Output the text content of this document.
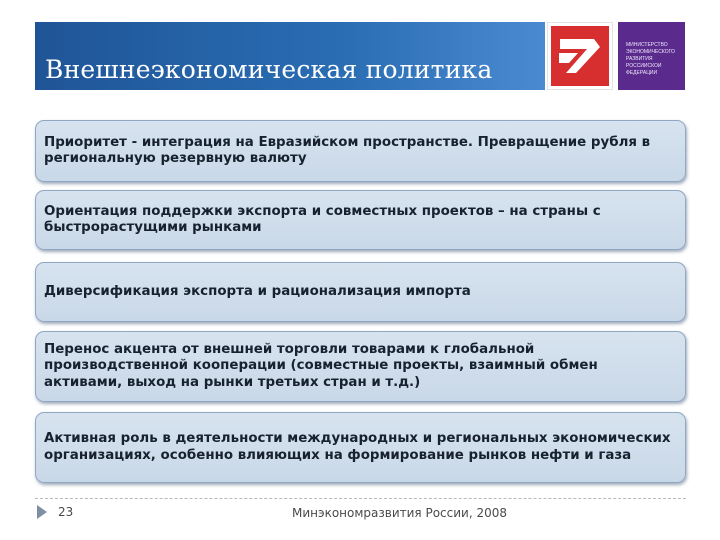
Внешнеэкономическая политика
МИНИСТЕРСТВО
ЭКОНОМИЧЕСКОГО
РАЗВИТИЯ
РОССИЙСКОЙ
ФЕДЕРАЦИИ
Приоритет - интеграция на Евразийском пространстве. Превращение рубля в региональную резервную валюту
Ориентация поддержки экспорта и совместных проектов – на страны с быстрорастущими рынками
Диверсификация экспорта и рационализация импорта
Перенос акцента от внешней торговли товарами к глобальной производственной кооперации (совместные проекты, взаимный обмен активами, выход на рынки третьих стран и т.д.)
Активная роль в деятельности международных и региональных экономических организациях, особенно влияющих на формирование рынков нефти и газа
23	Минэкономразвития России, 2008
